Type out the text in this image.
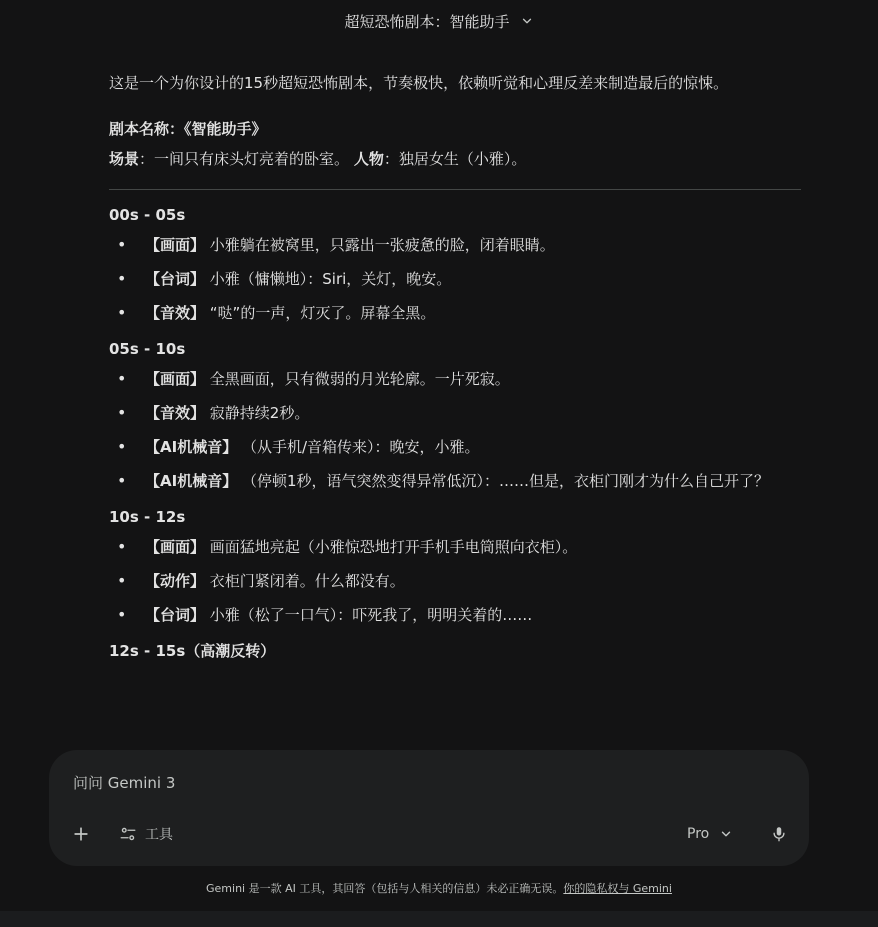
超短恐怖剧本：智能助手

这是一个为你设计的15秒超短恐怖剧本，节奏极快，依赖听觉和心理反差来制造最后的惊悚。

剧本名称：《智能助手》
场景：一间只有床头灯亮着的卧室。 人物：独居女生（小雅）。
00s - 05s
• 【画面】 小雅躺在被窝里，只露出一张疲惫的脸，闭着眼睛。
• 【台词】 小雅（慵懒地）：Siri，关灯，晚安。
• 【音效】 “哒”的一声，灯灭了。屏幕全黑。
05s - 10s
• 【画面】 全黑画面，只有微弱的月光轮廓。一片死寂。
• 【音效】 寂静持续2秒。
• 【AI机械音】 （从手机/音箱传来）：晚安，小雅。
• 【AI机械音】 （停顿1秒，语气突然变得异常低沉）：……但是，衣柜门刚才为什么自己开了？
10s - 12s
• 【画面】 画面猛地亮起（小雅惊恐地打开手机手电筒照向衣柜）。
• 【动作】 衣柜门紧闭着。什么都没有。
• 【台词】 小雅（松了一口气）：吓死我了，明明关着的……
12s - 15s（高潮反转）
问问 Gemini 3
工具	Pro
Gemini 是一款 AI 工具，其回答（包括与人相关的信息）未必正确无误。你的隐私权与 Gemini
